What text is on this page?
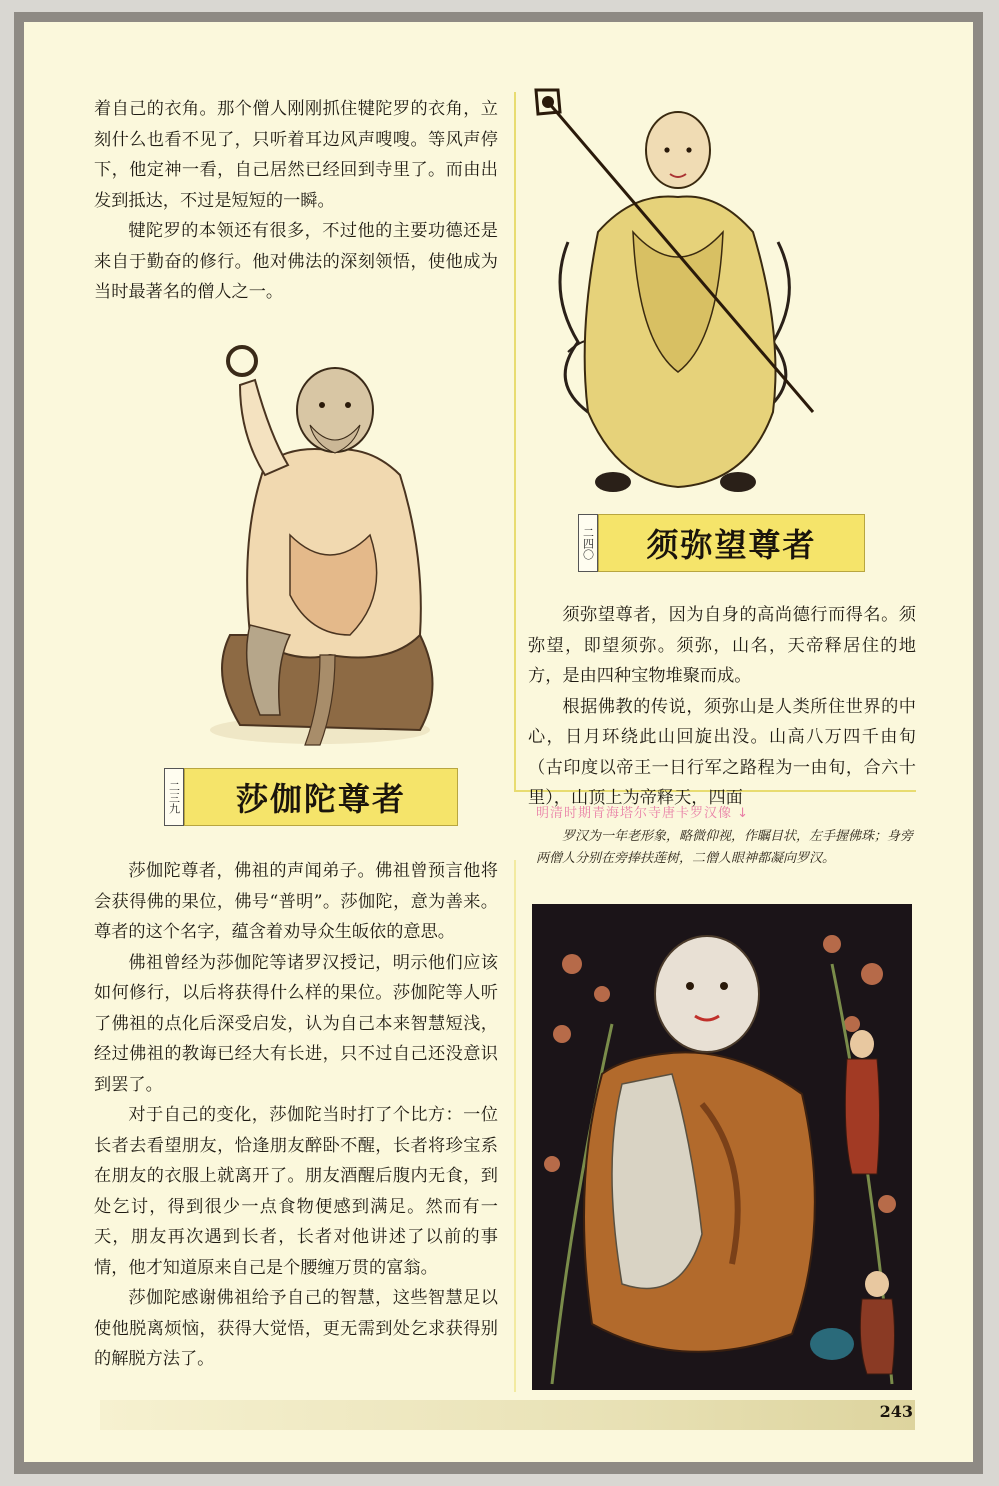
着自己的衣角。那个僧人刚刚抓住犍陀罗的衣角，立刻什么也看不见了，只听着耳边风声嗖嗖。等风声停下，他定神一看，自己居然已经回到寺里了。而由出发到抵达，不过是短短的一瞬。

犍陀罗的本领还有很多，不过他的主要功德还是来自于勤奋的修行。他对佛法的深刻领悟，使他成为当时最著名的僧人之一。

二三九 莎伽陀尊者

莎伽陀尊者，佛祖的声闻弟子。佛祖曾预言他将会获得佛的果位，佛号“普明”。莎伽陀，意为善来。尊者的这个名字，蕴含着劝导众生皈依的意思。

佛祖曾经为莎伽陀等诸罗汉授记，明示他们应该如何修行，以后将获得什么样的果位。莎伽陀等人听了佛祖的点化后深受启发，认为自己本来智慧短浅，经过佛祖的教诲已经大有长进，只不过自己还没意识到罢了。

对于自己的变化，莎伽陀当时打了个比方：一位长者去看望朋友，恰逢朋友醉卧不醒，长者将珍宝系在朋友的衣服上就离开了。朋友酒醒后腹内无食，到处乞讨，得到很少一点食物便感到满足。然而有一天，朋友再次遇到长者，长者对他讲述了以前的事情，他才知道原来自己是个腰缠万贯的富翁。

莎伽陀感谢佛祖给予自己的智慧，这些智慧足以使他脱离烦恼，获得大觉悟，更无需到处乞求获得别的解脱方法了。

二四〇 须弥望尊者

须弥望尊者，因为自身的高尚德行而得名。须弥望，即望须弥。须弥，山名，天帝释居住的地方，是由四种宝物堆聚而成。

根据佛教的传说，须弥山是人类所住世界的中心，日月环绕此山回旋出没。山高八万四千由旬（古印度以帝王一日行军之路程为一由旬，合六十里），山顶上为帝释天，四面

明清时期青海塔尔寺唐卡罗汉像 ↓

罗汉为一年老形象，略微仰视，作瞩目状，左手握佛珠；身旁两僧人分别在旁捧扶莲树，二僧人眼神都凝向罗汉。

243
